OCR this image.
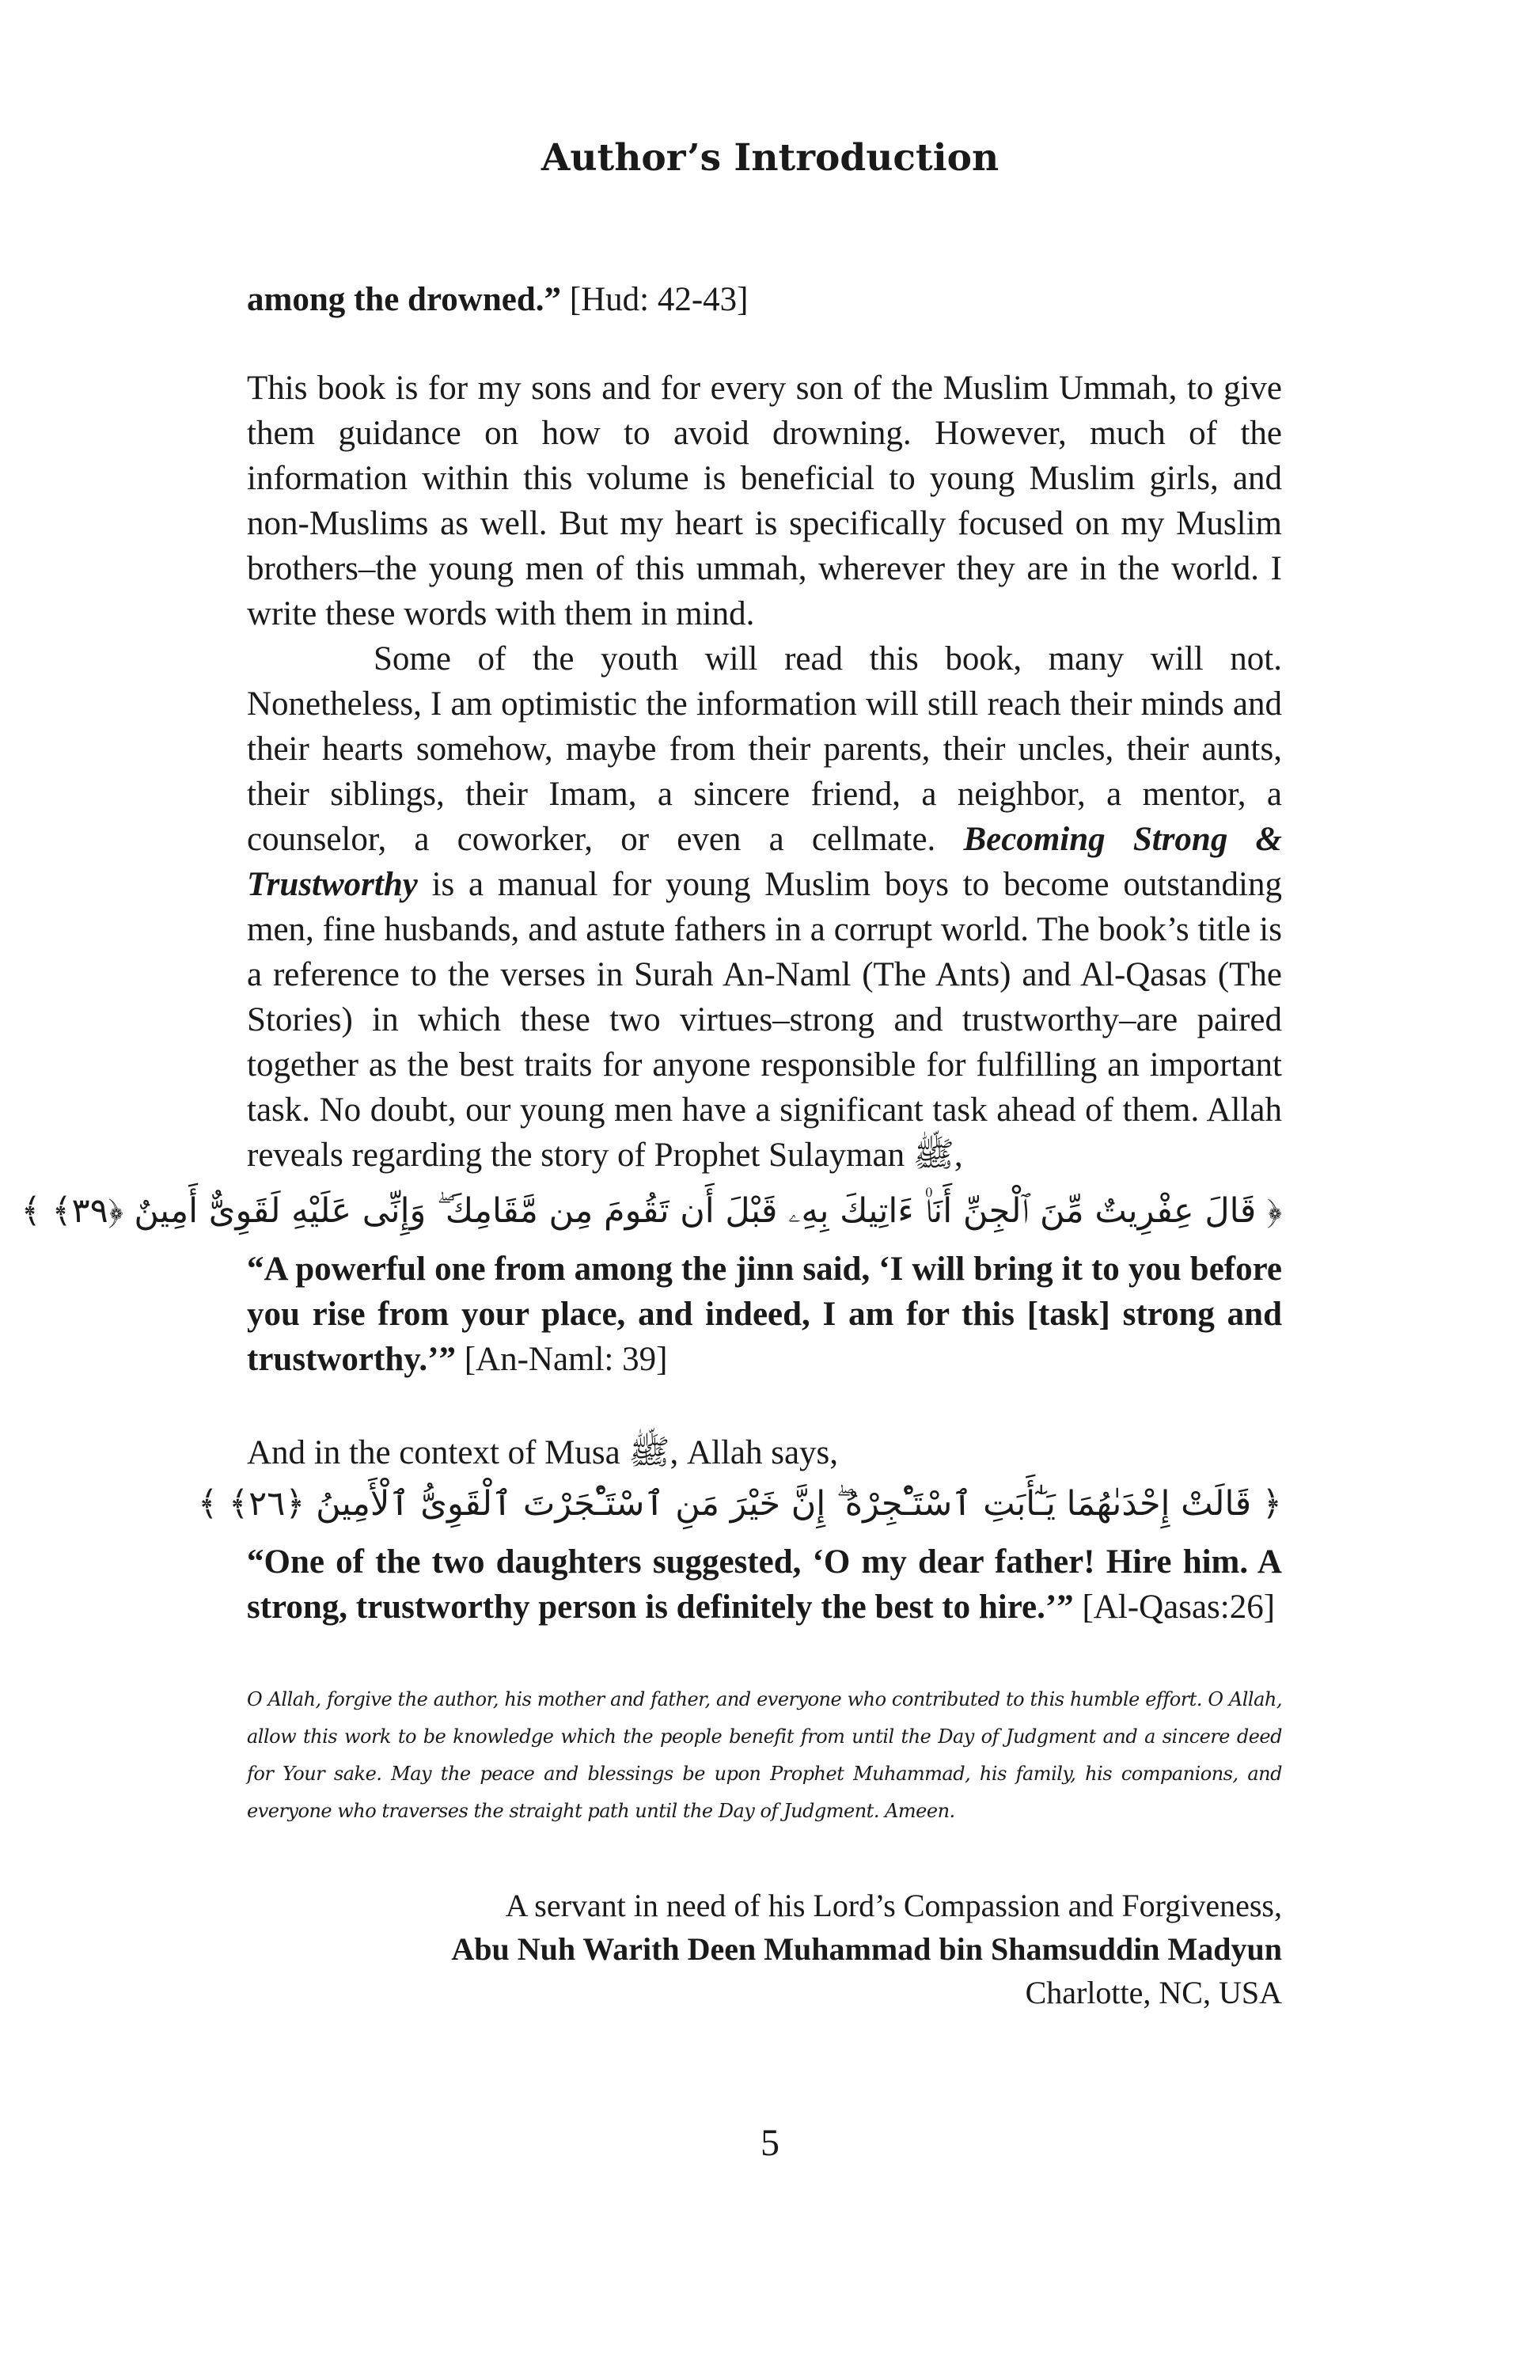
Author’s Introduction
among the drowned.” [Hud: 42-43]

This book is for my sons and for every son of the Muslim Ummah, to give them guidance on how to avoid drowning. However, much of the information within this volume is beneficial to young Muslim girls, and non-Muslims as well. But my heart is specifically focused on my Muslim brothers–the young men of this ummah, wherever they are in the world. I write these words with them in mind.

Some of the youth will read this book, many will not. Nonetheless, I am optimistic the information will still reach their minds and their hearts somehow, maybe from their parents, their uncles, their aunts, their siblings, their Imam, a sincere friend, a neighbor, a mentor, a counselor, a coworker, or even a cellmate. Becoming Strong & Trustworthy is a manual for young Muslim boys to become outstanding men, fine husbands, and astute fathers in a corrupt world. The book’s title is a reference to the verses in Surah An-Naml (The Ants) and Al-Qasas (The Stories) in which these two virtues–strong and trustworthy–are paired together as the best traits for anyone responsible for fulfilling an important task. No doubt, our young men have a significant task ahead of them. Allah reveals regarding the story of Prophet Sulayman ﷺ,

﴿ قَالَ عِفْرِيتٌ مِّنَ ٱلْجِنِّ أَنَا۠ ءَاتِيكَ بِهِۦ قَبْلَ أَن تَقُومَ مِن مَّقَامِكَ ۖ وَإِنِّى عَلَيْهِ لَقَوِىٌّ أَمِينٌ ﴿٣٩﴾ ﴾

“A powerful one from among the jinn said, ‘I will bring it to you before you rise from your place, and indeed, I am for this [task] strong and trustworthy.’” [An-Naml: 39]

And in the context of Musa ﷺ, Allah says,
﴿ قَالَتْ إِحْدَىٰهُمَا يَـٰٓأَبَتِ ٱسْتَـْٔجِرْهُ ۖ إِنَّ خَيْرَ مَنِ ٱسْتَـْٔجَرْتَ ٱلْقَوِىُّ ٱلْأَمِينُ ﴿٢٦﴾ ﴾

“One of the two daughters suggested, ‘O my dear father! Hire him. A strong, trustworthy person is definitely the best to hire.’” [Al-Qasas:26]

O Allah, forgive the author, his mother and father, and everyone who contributed to this humble effort. O Allah, allow this work to be knowledge which the people benefit from until the Day of Judgment and a sincere deed for Your sake. May the peace and blessings be upon Prophet Muhammad, his family, his companions, and everyone who traverses the straight path until the Day of Judgment. Ameen.
A servant in need of his Lord’s Compassion and Forgiveness,
Abu Nuh Warith Deen Muhammad bin Shamsuddin Madyun
Charlotte, NC, USA
5
